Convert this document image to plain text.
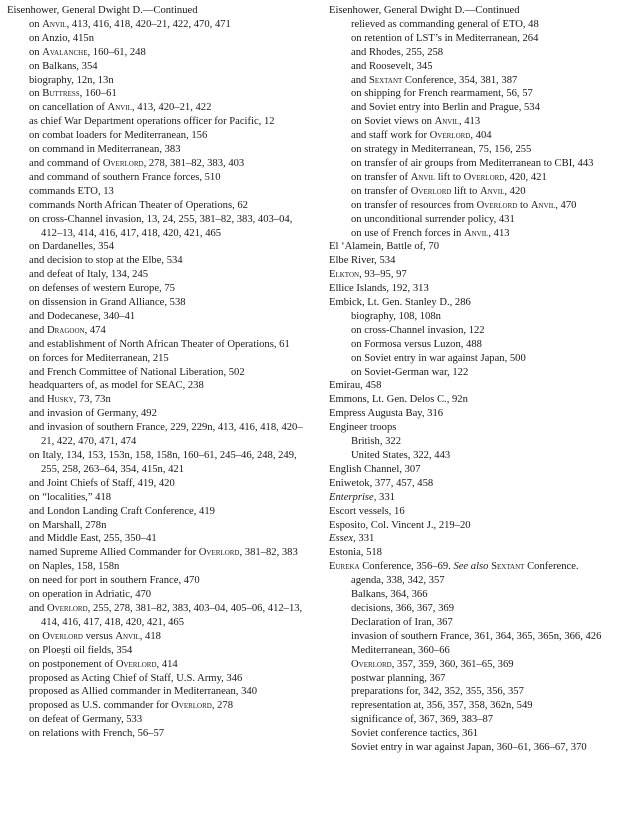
Eisenhower, General Dwight D.—Continued
on Anvil, 413, 416, 418, 420–21, 422, 470, 471
on Anzio, 415n
on Avalanche, 160–61, 248
on Balkans, 354
biography, 12n, 13n
on Buttress, 160–61
on cancellation of Anvil, 413, 420–21, 422
as chief War Department operations officer for Pacific, 12
on combat loaders for Mediterranean, 156
on command in Mediterranean, 383
and command of Overlord, 278, 381–82, 383, 403
and command of southern France forces, 510
commands ETO, 13
commands North African Theater of Operations, 62
on cross-Channel invasion, 13, 24, 255, 381–82, 383, 403–04, 412–13, 414, 416, 417, 418, 420, 421, 465
on Dardanelles, 354
and decision to stop at the Elbe, 534
and defeat of Italy, 134, 245
on defenses of western Europe, 75
on dissension in Grand Alliance, 538
and Dodecanese, 340–41
and Dragoon, 474
and establishment of North African Theater of Operations, 61
on forces for Mediterranean, 215
and French Committee of National Liberation, 502
headquarters of, as model for SEAC, 238
and Husky, 73, 73n
and invasion of Germany, 492
and invasion of southern France, 229, 229n, 413, 416, 418, 420–21, 422, 470, 471, 474
on Italy, 134, 153, 153n, 158, 158n, 160–61, 245–46, 248, 249, 255, 258, 263–64, 354, 415n, 421
and Joint Chiefs of Staff, 419, 420
on “localities,” 418
and London Landing Craft Conference, 419
on Marshall, 278n
and Middle East, 255, 350–41
named Supreme Allied Commander for Overlord, 381–82, 383
on Naples, 158, 158n
on need for port in southern France, 470
on operation in Adriatic, 470
and Overlord, 255, 278, 381–82, 383, 403–04, 405–06, 412–13, 414, 416, 417, 418, 420, 421, 465
on Overlord versus Anvil, 418
on Ploești oil fields, 354
on postponement of Overlord, 414
proposed as Acting Chief of Staff, U.S. Army, 346
proposed as Allied commander in Mediterranean, 340
proposed as U.S. commander for Overlord, 278
on defeat of Germany, 533
on relations with French, 56–57
Eisenhower, General Dwight D.—Continued
relieved as commanding general of ETO, 48
on retention of LST’s in Mediterranean, 264
and Rhodes, 255, 258
and Roosevelt, 345
and Sextant Conference, 354, 381, 387
on shipping for French rearmament, 56, 57
and Soviet entry into Berlin and Prague, 534
on Soviet views on Anvil, 413
and staff work for Overlord, 404
on strategy in Mediterranean, 75, 156, 255
on transfer of air groups from Mediterranean to CBI, 443
on transfer of Anvil lift to Overlord, 420, 421
on transfer of Overlord lift to Anvil, 420
on transfer of resources from Overlord to Anvil, 470
on unconditional surrender policy, 431
on use of French forces in Anvil, 413
El ‘Alamein, Battle of, 70
Elbe River, 534
Elkton, 93–95, 97
Ellice Islands, 192, 313
Embick, Lt. Gen. Stanley D., 286
biography, 108, 108n
on cross-Channel invasion, 122
on Formosa versus Luzon, 488
on Soviet entry in war against Japan, 500
on Soviet-German war, 122
Emirau, 458
Emmons, Lt. Gen. Delos C., 92n
Empress Augusta Bay, 316
Engineer troops
British, 322
United States, 322, 443
English Channel, 307
Eniwetok, 377, 457, 458
Enterprise, 331
Escort vessels, 16
Esposito, Col. Vincent J., 219–20
Essex, 331
Estonia, 518
Eureka Conference, 356–69. See also Sextant Conference.
agenda, 338, 342, 357
Balkans, 364, 366
decisions, 366, 367, 369
Declaration of Iran, 367
invasion of southern France, 361, 364, 365, 365n, 366, 426
Mediterranean, 360–66
Overlord, 357, 359, 360, 361–65, 369
postwar planning, 367
preparations for, 342, 352, 355, 356, 357
representation at, 356, 357, 358, 362n, 549
significance of, 367, 369, 383–87
Soviet conference tactics, 361
Soviet entry in war against Japan, 360–61, 366–67, 370
